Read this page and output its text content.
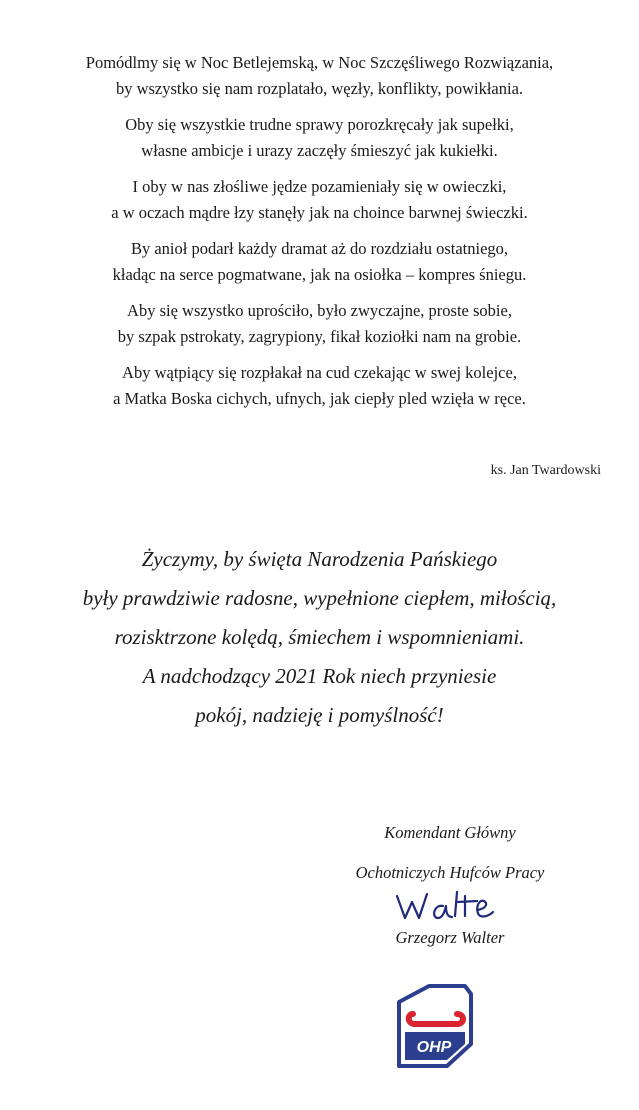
Pomódlmy się w Noc Betlejemską, w Noc Szczęśliwego Rozwiązania,
by wszystko się nam rozplatało, węzły, konflikty, powikłania.
Oby się wszystkie trudne sprawy porozkręcały jak supełki,
własne ambicje i urazy zaczęły śmieszyć jak kukiełki.
I oby w nas złośliwe jędze pozamieniały się w owieczki,
a w oczach mądre łzy stanęły jak na choince barwnej świeczki.
By anioł podarł każdy dramat aż do rozdziału ostatniego,
kładąc na serce pogmatwane, jak na osiołka – kompres śniegu.
Aby się wszystko uprościło, było zwyczajne, proste sobie,
by szpak pstrokaty, zagrypiony, fikał koziołki nam na grobie.
Aby wątpiący się rozpłakał na cud czekając w swej kolejce,
a Matka Boska cichych, ufnych, jak ciepły pled wzięła w ręce.
ks. Jan Twardowski
Życzymy, by święta Narodzenia Pańskiego
były prawdziwie radosne, wypełnione ciepłem, miłością,
rozisktrzone kolędą, śmiechem i wspomnieniami.
A nadchodzący 2021 Rok niech przyniesie
pokój, nadzieję i pomyślność!
Komendant Główny
Ochotniczych Hufców Pracy
Grzegorz Walter
OHP
